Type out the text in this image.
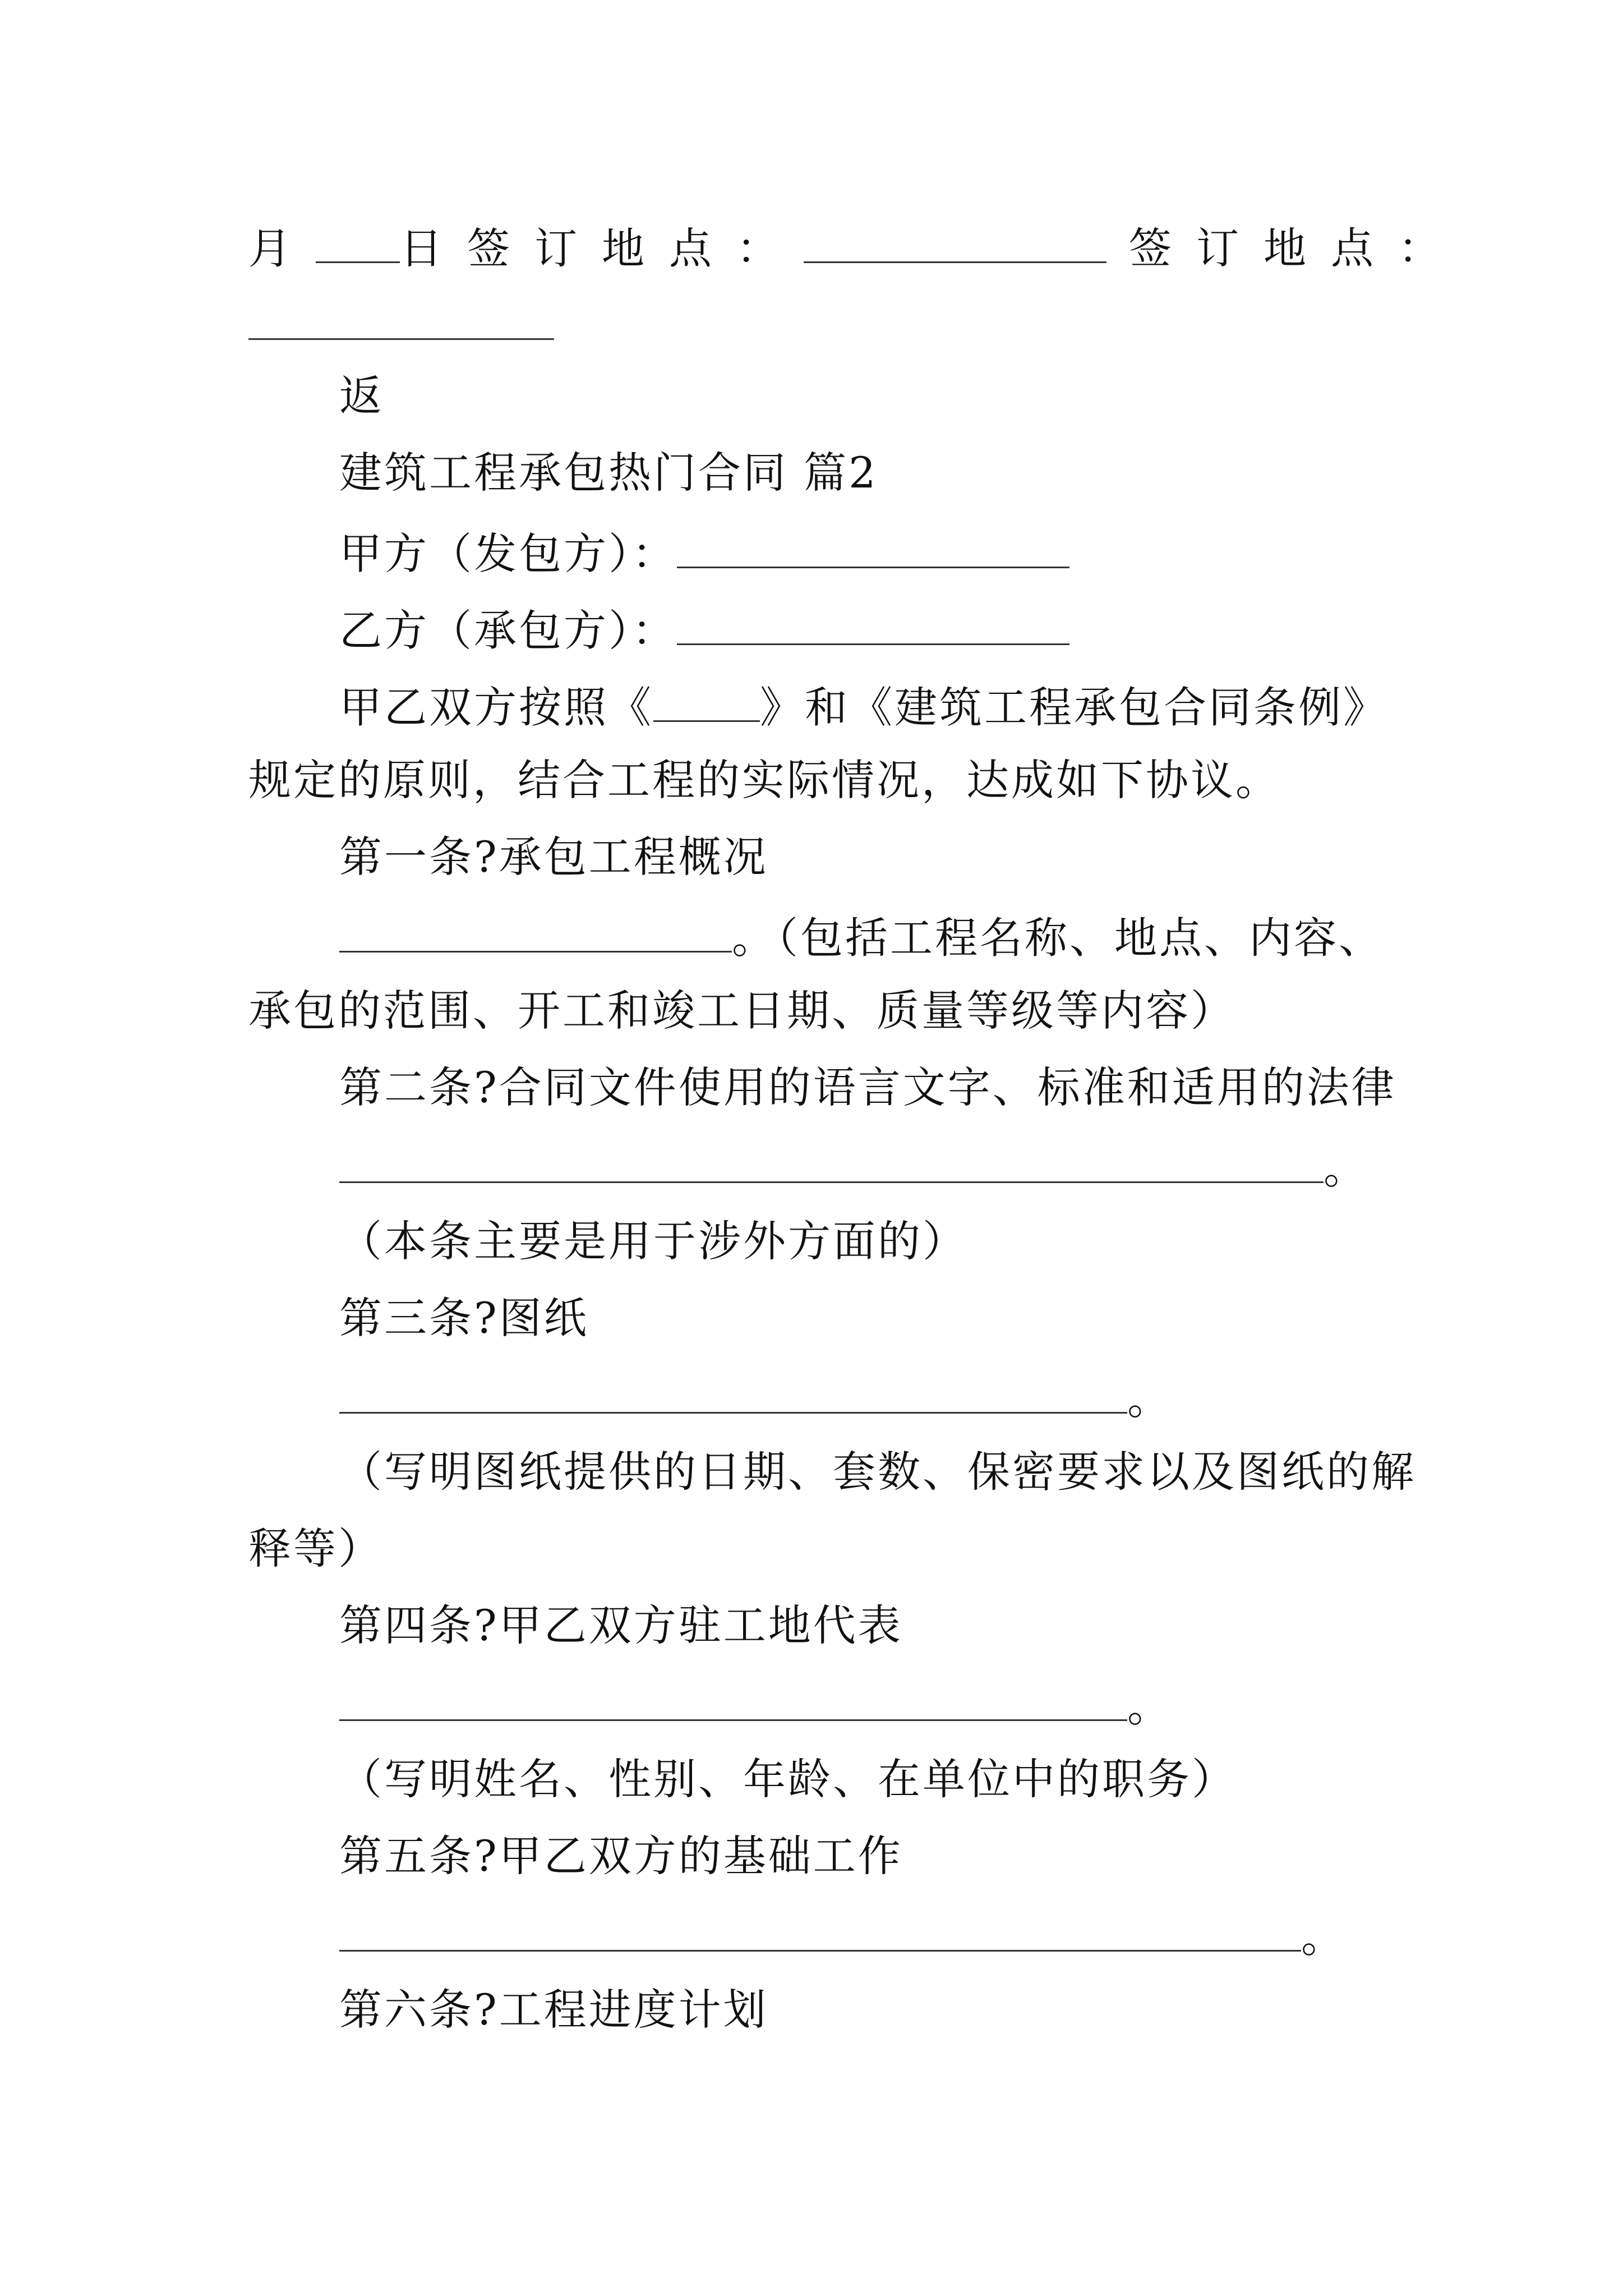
月 日签订地点：	签订地点：
返
建筑工程承包热门合同 篇2
甲方（发包方）：
乙方（承包方）：
甲乙双方按照《	》和《建筑工程承包合同条例》
规定的原则，结合工程的实际情况，达成如下协议。
第一条?承包工程概况
。（包括工程名称、地点、内容、
承包的范围、开工和竣工日期、质量等级等内容）
第二条?合同文件使用的语言文字、标准和适用的法律
。
（本条主要是用于涉外方面的）
第三条?图纸
。
（写明图纸提供的日期、套数、保密要求以及图纸的解
释等）
第四条?甲乙双方驻工地代表
。
（写明姓名、性别、年龄、在单位中的职务）
第五条?甲乙双方的基础工作
。
第六条?工程进度计划
